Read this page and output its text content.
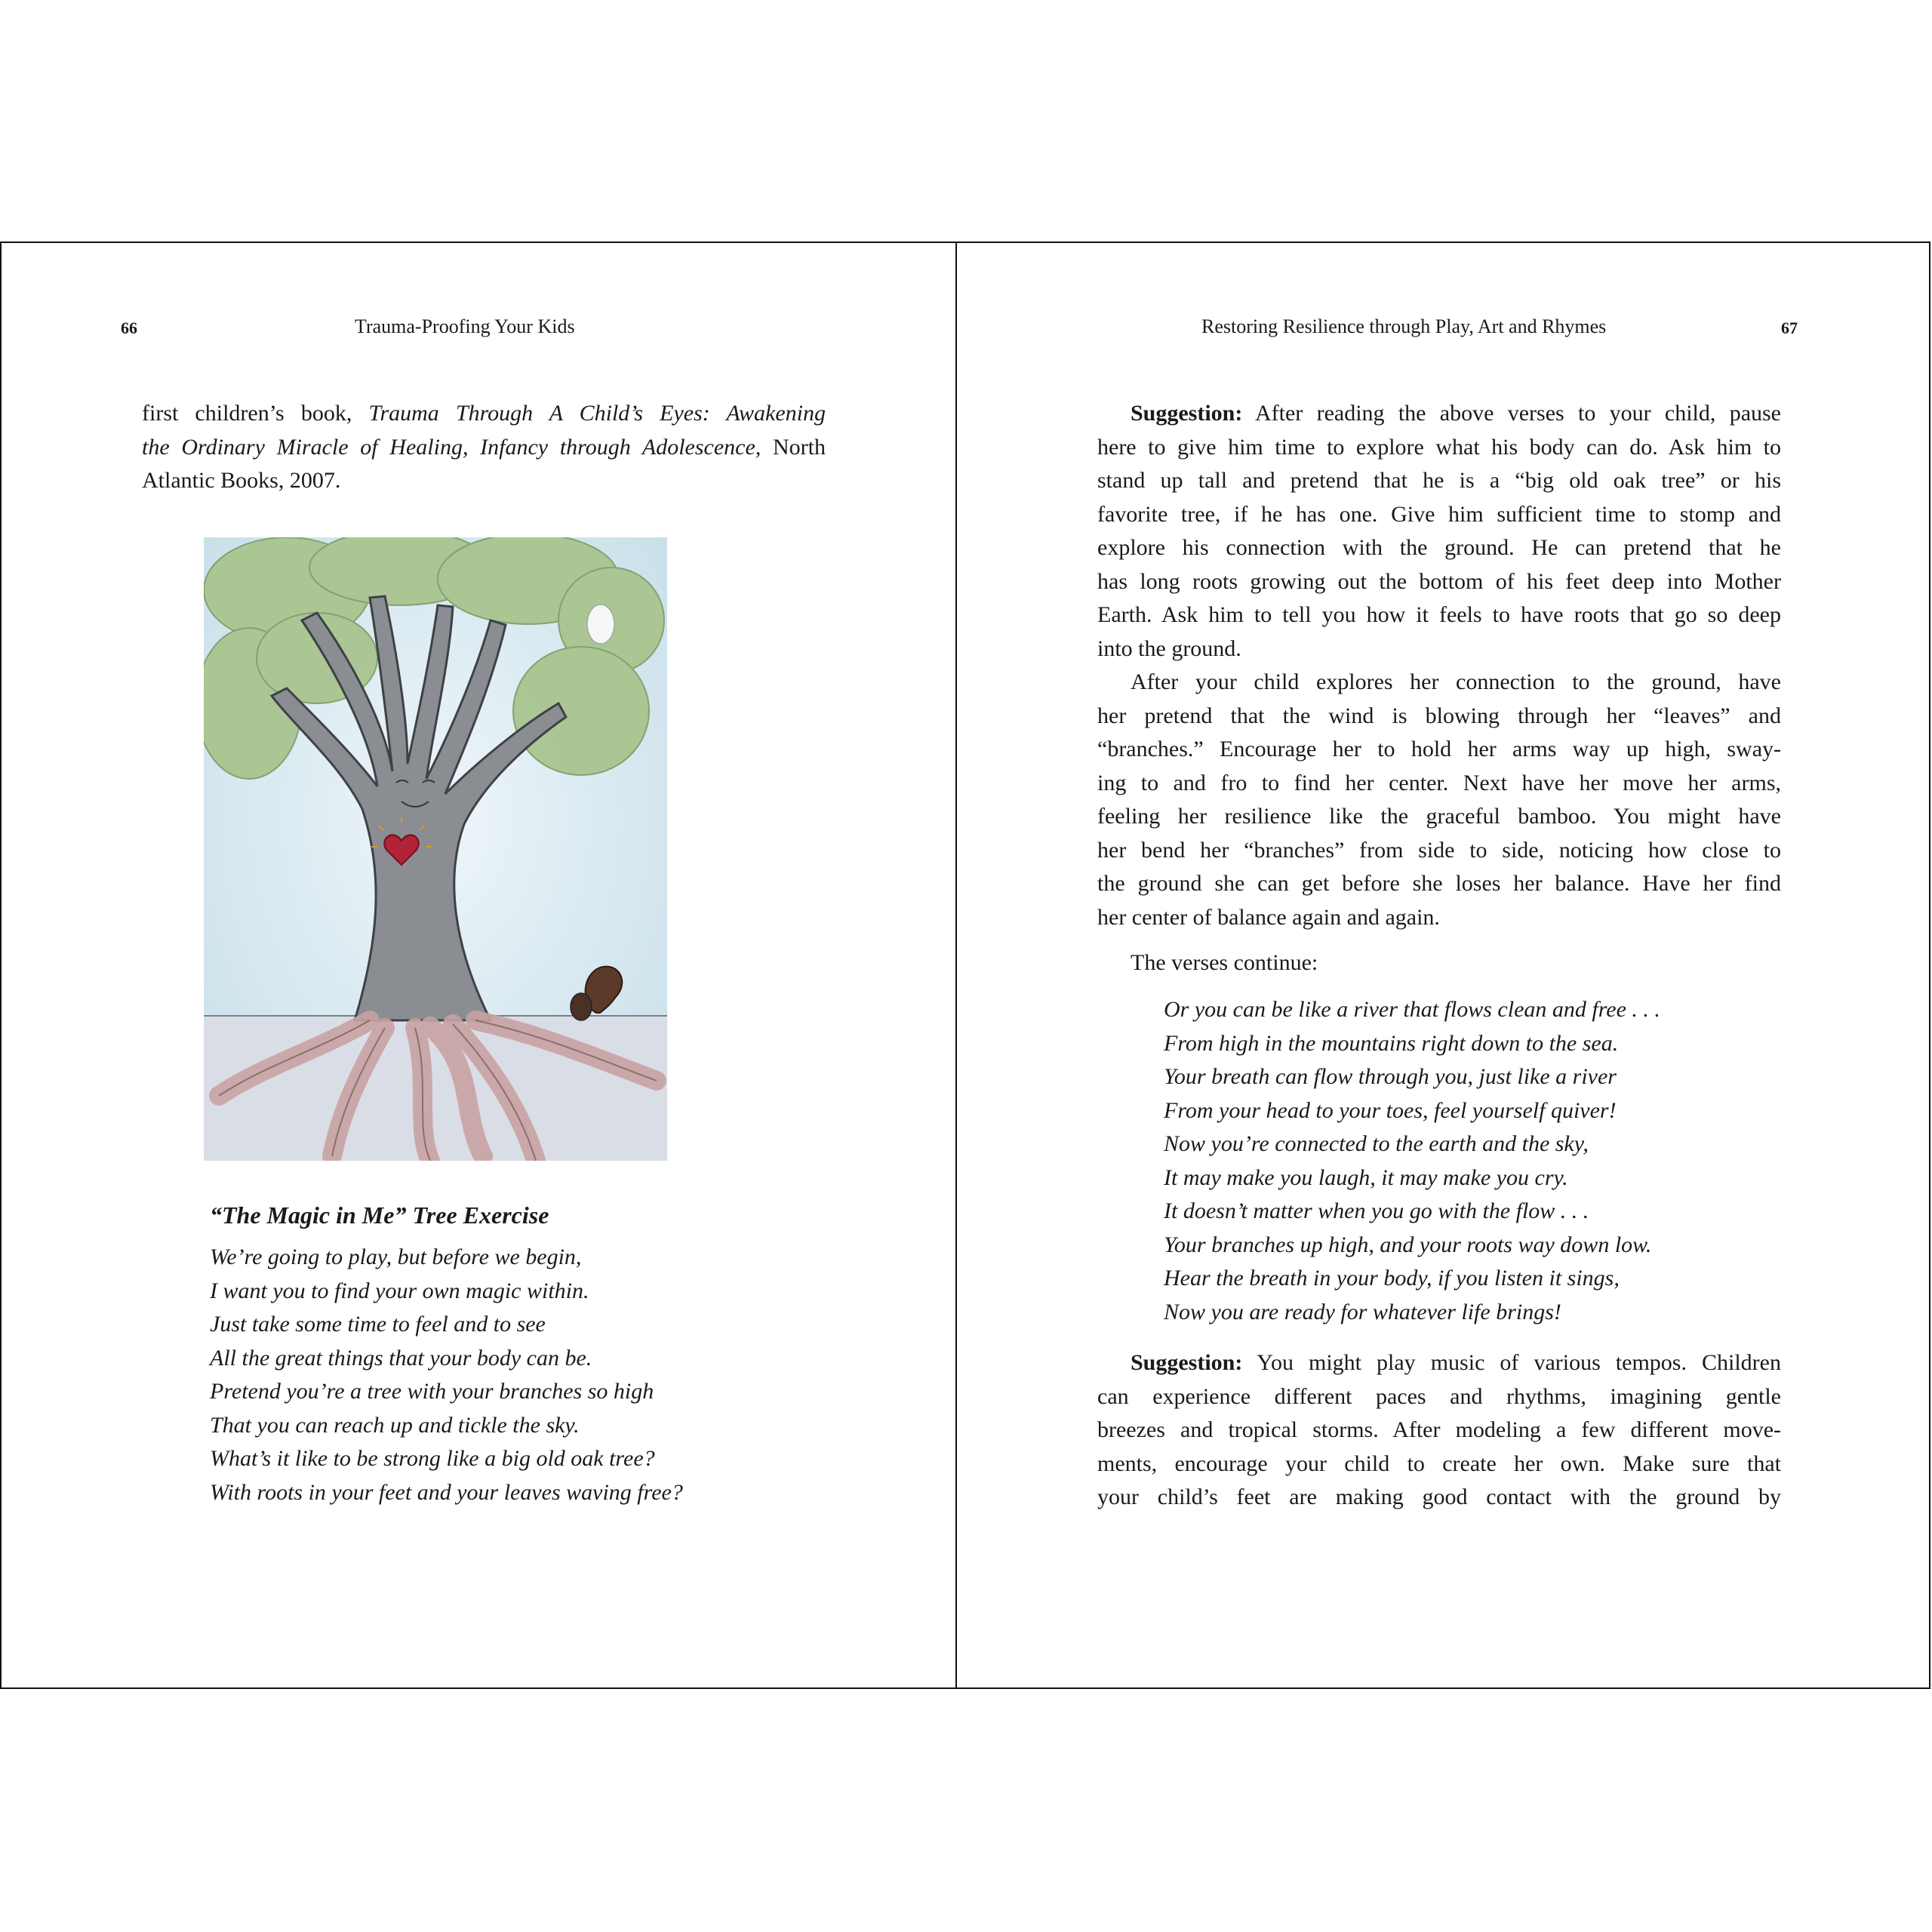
66	Trauma-Proofing Your Kids
first children’s book, Trauma Through A Child’s Eyes: Awakening
the Ordinary Miracle of Healing, Infancy through Adolescence, North
Atlantic Books, 2007.
“The Magic in Me” Tree Exercise
We’re going to play, but before we begin,
I want you to find your own magic within.
Just take some time to feel and to see
All the great things that your body can be.
Pretend you’re a tree with your branches so high
That you can reach up and tickle the sky.
What’s it like to be strong like a big old oak tree?
With roots in your feet and your leaves waving free?
Restoring Resilience through Play, Art and Rhymes	67
Suggestion: After reading the above verses to your child, pause
here to give him time to explore what his body can do. Ask him to
stand up tall and pretend that he is a “big old oak tree” or his
favorite tree, if he has one. Give him sufficient time to stomp and
explore his connection with the ground. He can pretend that he
has long roots growing out the bottom of his feet deep into Mother
Earth. Ask him to tell you how it feels to have roots that go so deep
into the ground.
After your child explores her connection to the ground, have
her pretend that the wind is blowing through her “leaves” and
“branches.” Encourage her to hold her arms way up high, sway-
ing to and fro to find her center. Next have her move her arms,
feeling her resilience like the graceful bamboo. You might have
her bend her “branches” from side to side, noticing how close to
the ground she can get before she loses her balance. Have her find
her center of balance again and again.
The verses continue:
Or you can be like a river that flows clean and free . . .
From high in the mountains right down to the sea.
Your breath can flow through you, just like a river
From your head to your toes, feel yourself quiver!
Now you’re connected to the earth and the sky,
It may make you laugh, it may make you cry.
It doesn’t matter when you go with the flow . . .
Your branches up high, and your roots way down low.
Hear the breath in your body, if you listen it sings,
Now you are ready for whatever life brings!
Suggestion: You might play music of various tempos. Children
can experience different paces and rhythms, imagining gentle
breezes and tropical storms. After modeling a few different move-
ments, encourage your child to create her own. Make sure that
your child’s feet are making good contact with the ground by
